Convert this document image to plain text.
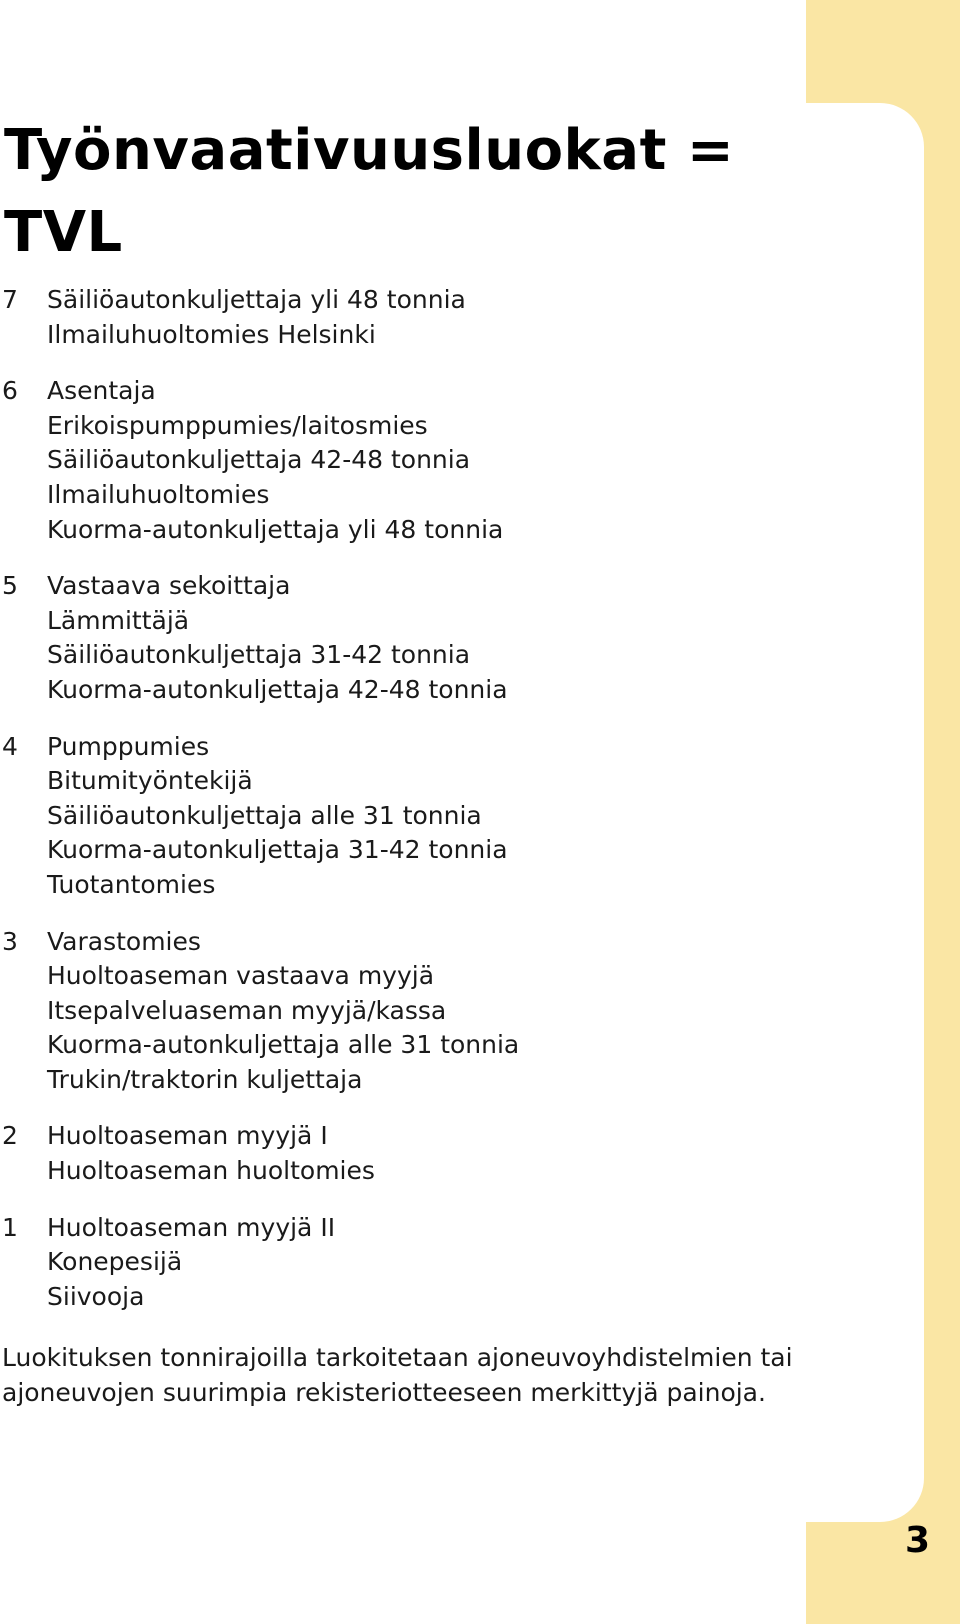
Työnvaativuusluokat = TVL
7	Säiliöautonkuljettaja yli 48 tonnia
Ilmailuhuoltomies Helsinki
6	Asentaja
Erikoispumppumies/laitosmies
Säiliöautonkuljettaja 42-48 tonnia
Ilmailuhuoltomies
Kuorma-autonkuljettaja yli 48 tonnia
5	Vastaava sekoittaja
Lämmittäjä
Säiliöautonkuljettaja 31-42 tonnia
Kuorma-autonkuljettaja 42-48 tonnia
4	Pumppumies
Bitumityöntekijä
Säiliöautonkuljettaja alle 31 tonnia
Kuorma-autonkuljettaja 31-42 tonnia
Tuotantomies
3	Varastomies
Huoltoaseman vastaava myyjä
Itsepalveluaseman myyjä/kassa
Kuorma-autonkuljettaja alle 31 tonnia
Trukin/traktorin kuljettaja
2	Huoltoaseman myyjä I
Huoltoaseman huoltomies
1	Huoltoaseman myyjä II
Konepesijä
Siivooja

Luokituksen tonnirajoilla tarkoitetaan ajoneuvoyhdistelmien tai ajoneuvojen suurimpia rekisteriotteeseen merkittyjä painoja.

3
